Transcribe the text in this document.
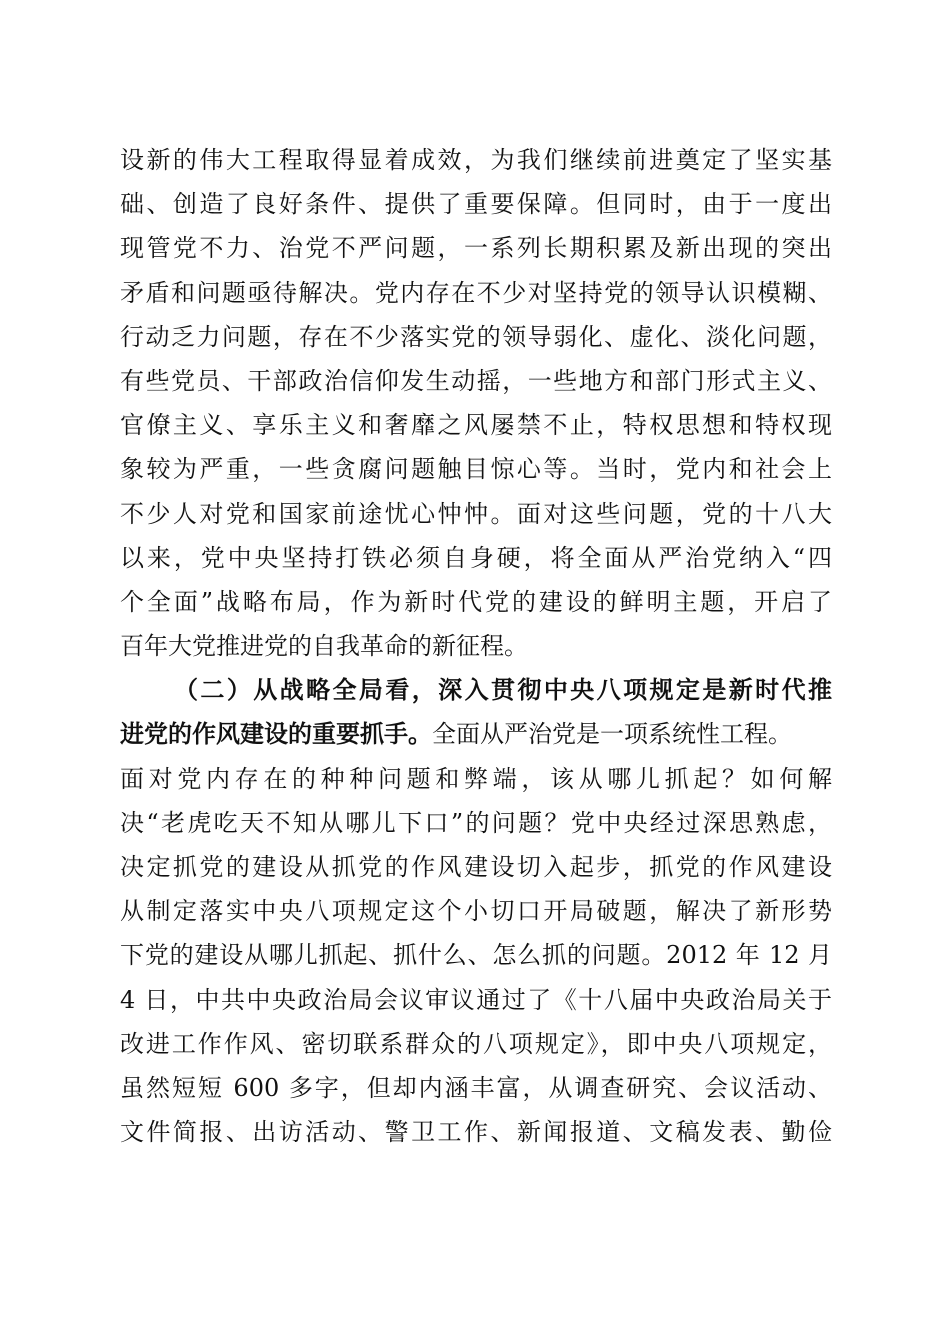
设新的伟大工程取得显着成效，为我们继续前进奠定了坚实基
础、创造了良好条件、提供了重要保障。但同时，由于一度出
现管党不力、治党不严问题，一系列长期积累及新出现的突出
矛盾和问题亟待解决。党内存在不少对坚持党的领导认识模糊、
行动乏力问题，存在不少落实党的领导弱化、虚化、淡化问题，
有些党员、干部政治信仰发生动摇，一些地方和部门形式主义、
官僚主义、享乐主义和奢靡之风屡禁不止，特权思想和特权现
象较为严重，一些贪腐问题触目惊心等。当时，党内和社会上
不少人对党和国家前途忧心忡忡。面对这些问题，党的十八大
以来，党中央坚持打铁必须自身硬，将全面从严治党纳入“四
个全面”战略布局，作为新时代党的建设的鲜明主题，开启了
百年大党推进党的自我革命的新征程。
（二）从战略全局看，深入贯彻中央八项规定是新时代推
进党的作风建设的重要抓手。全面从严治党是一项系统性工程。
面对党内存在的种种问题和弊端，该从哪儿抓起？如何解
决“老虎吃天不知从哪儿下口”的问题？党中央经过深思熟虑，
决定抓党的建设从抓党的作风建设切入起步，抓党的作风建设
从制定落实中央八项规定这个小切口开局破题，解决了新形势
下党的建设从哪儿抓起、抓什么、怎么抓的问题。2012 年 12 月
4 日，中共中央政治局会议审议通过了《十八届中央政治局关于
改进工作作风、密切联系群众的八项规定》，即中央八项规定，
虽然短短 600 多字，但却内涵丰富，从调查研究、会议活动、
文件简报、出访活动、警卫工作、新闻报道、文稿发表、勤俭
